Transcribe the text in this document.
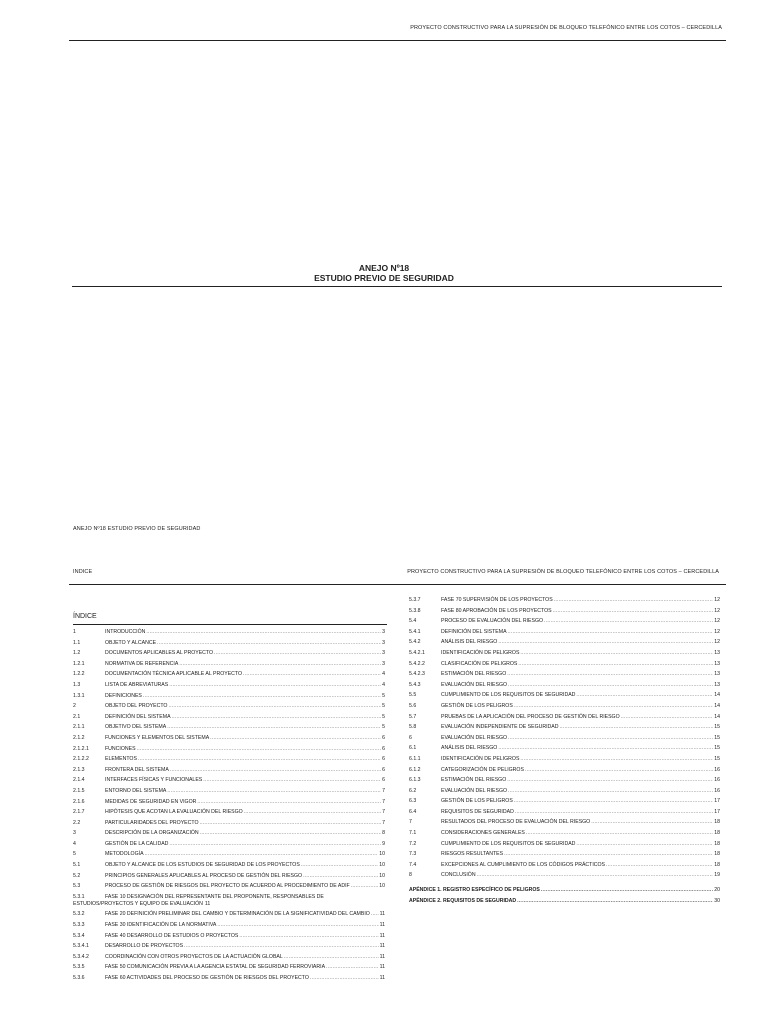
PROYECTO CONSTRUCTIVO PARA LA SUPRESIÓN DE BLOQUEO TELEFÓNICO ENTRE LOS COTOS – CERCEDILLA
ANEJO Nº18
ESTUDIO PREVIO DE SEGURIDAD
ANEJO Nº18 ESTUDIO PREVIO DE SEGURIDAD
INDICE	PROYECTO CONSTRUCTIVO PARA LA SUPRESIÓN DE BLOQUEO TELEFÓNICO ENTRE LOS COTOS – CERCEDILLA
ÍNDICE
1	INTRODUCCIÓN .....	3
1.1	OBJETO Y ALCANCE .....	3
1.2	DOCUMENTOS APLICABLES AL PROYECTO .....	3
1.2.1	NORMATIVA DE REFERENCIA .....	3
1.2.2	DOCUMENTACIÓN TÉCNICA APLICABLE AL PROYECTO .....	4
1.3	LISTA DE ABREVIATURAS .....	4
1.3.1	DEFINICIONES .....	5
2	OBJETO DEL PROYECTO .....	5
2.1	DEFINICIÓN DEL SISTEMA .....	5
2.1.1	OBJETIVO DEL SISTEMA .....	5
2.1.2	FUNCIONES Y ELEMENTOS DEL SISTEMA .....	6
2.1.2.1	FUNCIONES .....	6
2.1.2.2	ELEMENTOS .....	6
2.1.3	FRONTERA DEL SISTEMA .....	6
2.1.4	INTERFACES FÍSICAS Y FUNCIONALES .....	6
2.1.5	ENTORNO DEL SISTEMA .....	7
2.1.6	MEDIDAS DE SEGURIDAD EN VIGOR .....	7
2.1.7	HIPÓTESIS QUE ACOTAN LA EVALUACIÓN DEL RIESGO .....	7
2.2	PARTICULARIDADES DEL PROYECTO .....	7
3	DESCRIPCIÓN DE LA ORGANIZACIÓN .....	8
4	GESTIÓN DE LA CALIDAD .....	9
5	METODOLOGÍA .....	10
5.1	OBJETO Y ALCANCE DE LOS ESTUDIOS DE SEGURIDAD DE LOS PROYECTOS .....	10
5.2	PRINCIPIOS GENERALES APLICABLES AL PROCESO DE GESTIÓN DEL RIESGO .....	10
5.3	PROCESO DE GESTIÓN DE RIESGOS DEL PROYECTO DE ACUERDO AL PROCEDIMIENTO DE ADIF .....	10
5.3.1	FASE 10 DESIGNACIÓN DEL REPRESENTANTE DEL PROPONENTE, RESPONSABLES DE ESTUDIOS/PROYECTOS Y EQUIPO DE EVALUACIÓN 11
5.3.2	FASE 20 DEFINICIÓN PRELIMINAR DEL CAMBIO Y DETERMINACIÓN DE LA SIGNIFICATIVIDAD DEL CAMBIO ..... 11
5.3.3	FASE 30 IDENTIFICACIÓN DE LA NORMATIVA .....	11
5.3.4	FASE 40 DESARROLLO DE ESTUDIOS O PROYECTOS .....	11
5.3.4.1	DESARROLLO DE PROYECTOS .....	11
5.3.4.2	COORDINACIÓN CON OTROS PROYECTOS DE LA ACTUACIÓN GLOBAL .....	11
5.3.5	FASE 50 COMUNICACIÓN PREVIA A LA AGENCIA ESTATAL DE SEGURIDAD FERROVIARIA .....	11
5.3.6	FASE 60 ACTIVIDADES DEL PROCESO DE GESTIÓN DE RIESGOS DEL PROYECTO .....	11
5.3.7	FASE 70 SUPERVISIÓN DE LOS PROYECTOS .....	12
5.3.8	FASE 80 APROBACIÓN DE LOS PROYECTOS .....	12
5.4	PROCESO DE EVALUACIÓN DEL RIESGO .....	12
5.4.1	DEFINICIÓN DEL SISTEMA .....	12
5.4.2	ANÁLISIS DEL RIESGO .....	12
5.4.2.1	IDENTIFICACIÓN DE PELIGROS .....	13
5.4.2.2	CLASIFICACIÓN DE PELIGROS .....	13
5.4.2.3	ESTIMACIÓN DEL RIESGO .....	13
5.4.3	EVALUACIÓN DEL RIESGO .....	13
5.5	CUMPLIMIENTO DE LOS REQUISITOS DE SEGURIDAD .....	14
5.6	GESTIÓN DE LOS PELIGROS .....	14
5.7	PRUEBAS DE LA APLICACIÓN DEL PROCESO DE GESTIÓN DEL RIESGO .....	14
5.8	EVALUACIÓN INDEPENDIENTE DE SEGURIDAD .....	15
6	EVALUACIÓN DEL RIESGO .....	15
6.1	ANÁLISIS DEL RIESGO .....	15
6.1.1	IDENTIFICACIÓN DE PELIGROS .....	15
6.1.2	CATEGORIZACIÓN DE PELIGROS .....	16
6.1.3	ESTIMACIÓN DEL RIESGO .....	16
6.2	EVALUACIÓN DEL RIESGO .....	16
6.3	GESTIÓN DE LOS PELIGROS .....	17
6.4	REQUISITOS DE SEGURIDAD .....	17
7	RESULTADOS DEL PROCESO DE EVALUACIÓN DEL RIESGO .....	18
7.1	CONSIDERACIONES GENERALES .....	18
7.2	CUMPLIMIENTO DE LOS REQUISITOS DE SEGURIDAD .....	18
7.3	RIESGOS RESULTANTES .....	18
7.4	EXCEPCIONES AL CUMPLIMIENTO DE LOS CÓDIGOS PRÁCTICOS .....	18
8	CONCLUSIÓN .....	19
APÉNDICE 1. REGISTRO ESPECÍFICO DE PELIGROS .....	20
APÉNDICE 2. REQUISITOS DE SEGURIDAD .....	30
